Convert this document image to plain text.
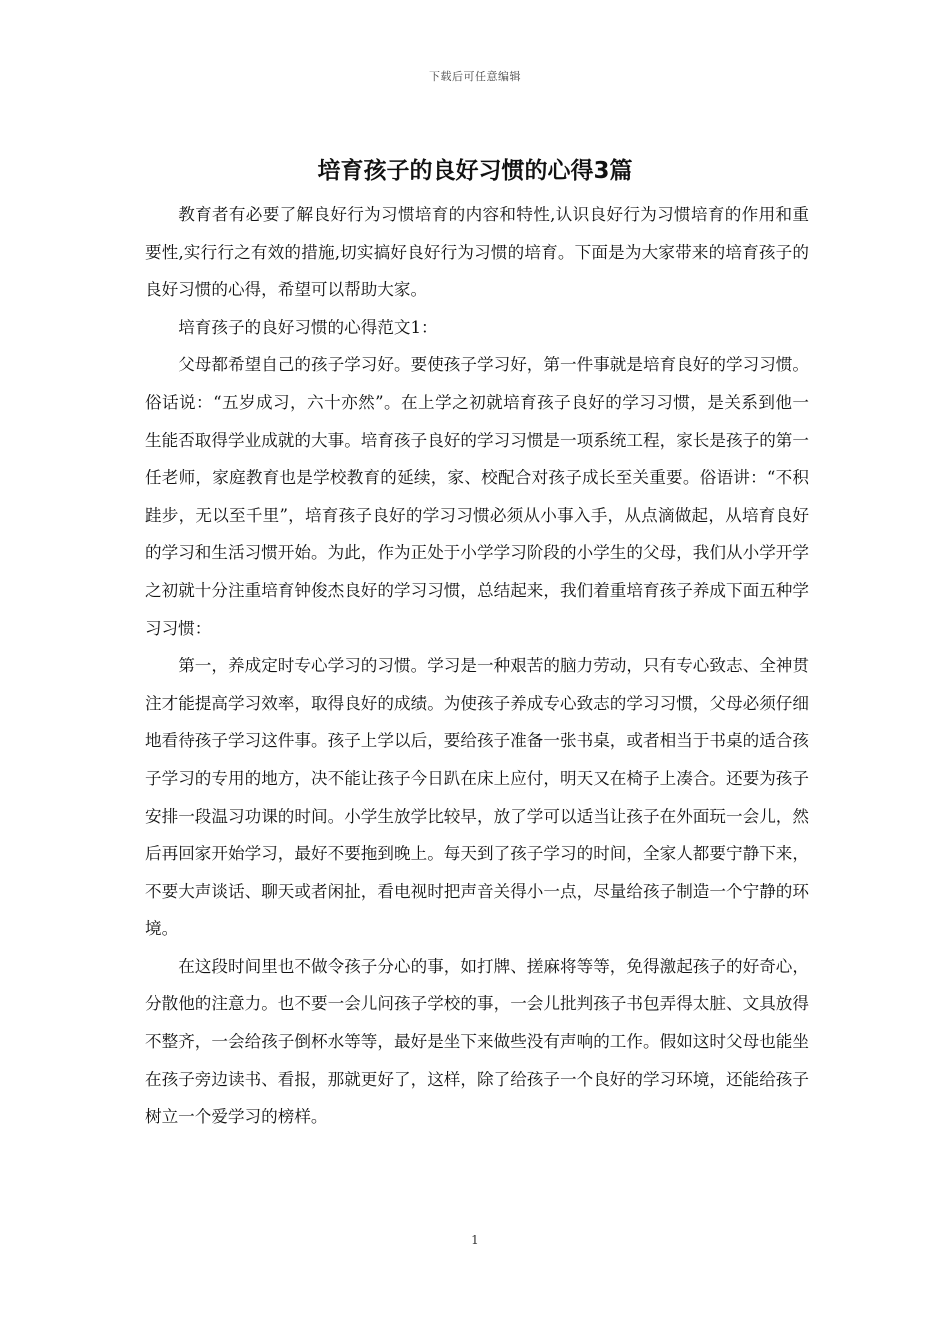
下载后可任意编辑
培育孩子的良好习惯的心得3篇

教育者有必要了解良好行为习惯培育的内容和特性,认识良好行为习惯培育的作用和重要性,实行行之有效的措施,切实搞好良好行为习惯的培育。下面是为大家带来的培育孩子的良好习惯的心得，希望可以帮助大家。

培育孩子的良好习惯的心得范文1：

父母都希望自己的孩子学习好。要使孩子学习好，第一件事就是培育良好的学习习惯。俗话说：“五岁成习，六十亦然”。在上学之初就培育孩子良好的学习习惯，是关系到他一生能否取得学业成就的大事。培育孩子良好的学习习惯是一项系统工程，家长是孩子的第一任老师，家庭教育也是学校教育的延续，家、校配合对孩子成长至关重要。俗语讲：“不积跬步，无以至千里”，培育孩子良好的学习习惯必须从小事入手，从点滴做起，从培育良好的学习和生活习惯开始。为此，作为正处于小学学习阶段的小学生的父母，我们从小学开学之初就十分注重培育钟俊杰良好的学习习惯，总结起来，我们着重培育孩子养成下面五种学习习惯：

第一，养成定时专心学习的习惯。学习是一种艰苦的脑力劳动，只有专心致志、全神贯注才能提高学习效率，取得良好的成绩。为使孩子养成专心致志的学习习惯，父母必须仔细地看待孩子学习这件事。孩子上学以后，要给孩子准备一张书桌，或者相当于书桌的适合孩子学习的专用的地方，决不能让孩子今日趴在床上应付，明天又在椅子上凑合。还要为孩子安排一段温习功课的时间。小学生放学比较早，放了学可以适当让孩子在外面玩一会儿，然后再回家开始学习，最好不要拖到晚上。每天到了孩子学习的时间，全家人都要宁静下来，不要大声谈话、聊天或者闲扯，看电视时把声音关得小一点，尽量给孩子制造一个宁静的环境。

在这段时间里也不做令孩子分心的事，如打牌、搓麻将等等，免得激起孩子的好奇心，分散他的注意力。也不要一会儿问孩子学校的事，一会儿批判孩子书包弄得太脏、文具放得不整齐，一会给孩子倒杯水等等，最好是坐下来做些没有声响的工作。假如这时父母也能坐在孩子旁边读书、看报，那就更好了，这样，除了给孩子一个良好的学习环境，还能给孩子树立一个爱学习的榜样。

1
